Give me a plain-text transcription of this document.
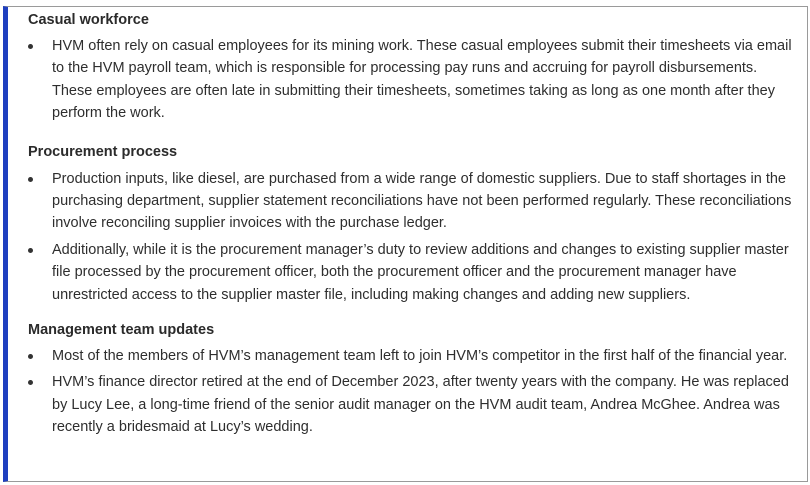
Casual workforce
HVM often rely on casual employees for its mining work. These casual employees submit their timesheets via email to the HVM payroll team, which is responsible for processing pay runs and accruing for payroll disbursements. These employees are often late in submitting their timesheets, sometimes taking as long as one month after they perform the work.
Procurement process
Production inputs, like diesel, are purchased from a wide range of domestic suppliers. Due to staff shortages in the purchasing department, supplier statement reconciliations have not been performed regularly. These reconciliations involve reconciling supplier invoices with the purchase ledger.
Additionally, while it is the procurement manager’s duty to review additions and changes to existing supplier master file processed by the procurement officer, both the procurement officer and the procurement manager have unrestricted access to the supplier master file, including making changes and adding new suppliers.
Management team updates
Most of the members of HVM’s management team left to join HVM’s competitor in the first half of the financial year.
HVM’s finance director retired at the end of December 2023, after twenty years with the company. He was replaced by Lucy Lee, a long-time friend of the senior audit manager on the HVM audit team, Andrea McGhee. Andrea was recently a bridesmaid at Lucy’s wedding.
